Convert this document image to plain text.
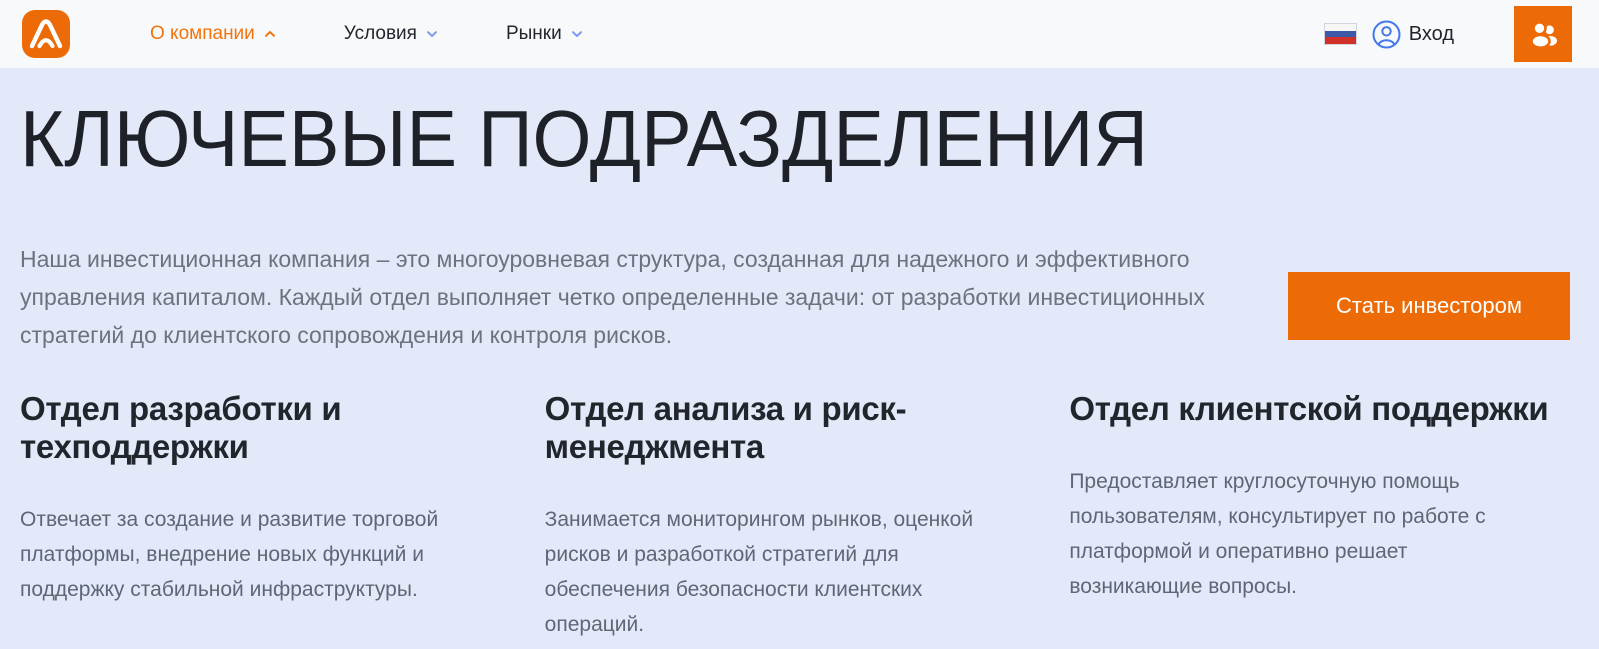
О компании	Условия	Рынки	Вход
КЛЮЧЕВЫЕ ПОДРАЗДЕЛЕНИЯ

Наша инвестиционная компания – это многоуровневая структура, созданная для надежного и эффективного управления капиталом. Каждый отдел выполняет четко определенные задачи: от разработки инвестиционных стратегий до клиентского сопровождения и контроля рисков.

Стать инвестором
Отдел разработки и техподдержки

Отвечает за создание и развитие торговой платформы, внедрение новых функций и поддержку стабильной инфраструктуры.

Отдел анализа и риск-менеджмента

Занимается мониторингом рынков, оценкой рисков и разработкой стратегий для обеспечения безопасности клиентских операций.

Отдел клиентской поддержки

Предоставляет круглосуточную помощь пользователям, консультирует по работе с платформой и оперативно решает возникающие вопросы.
